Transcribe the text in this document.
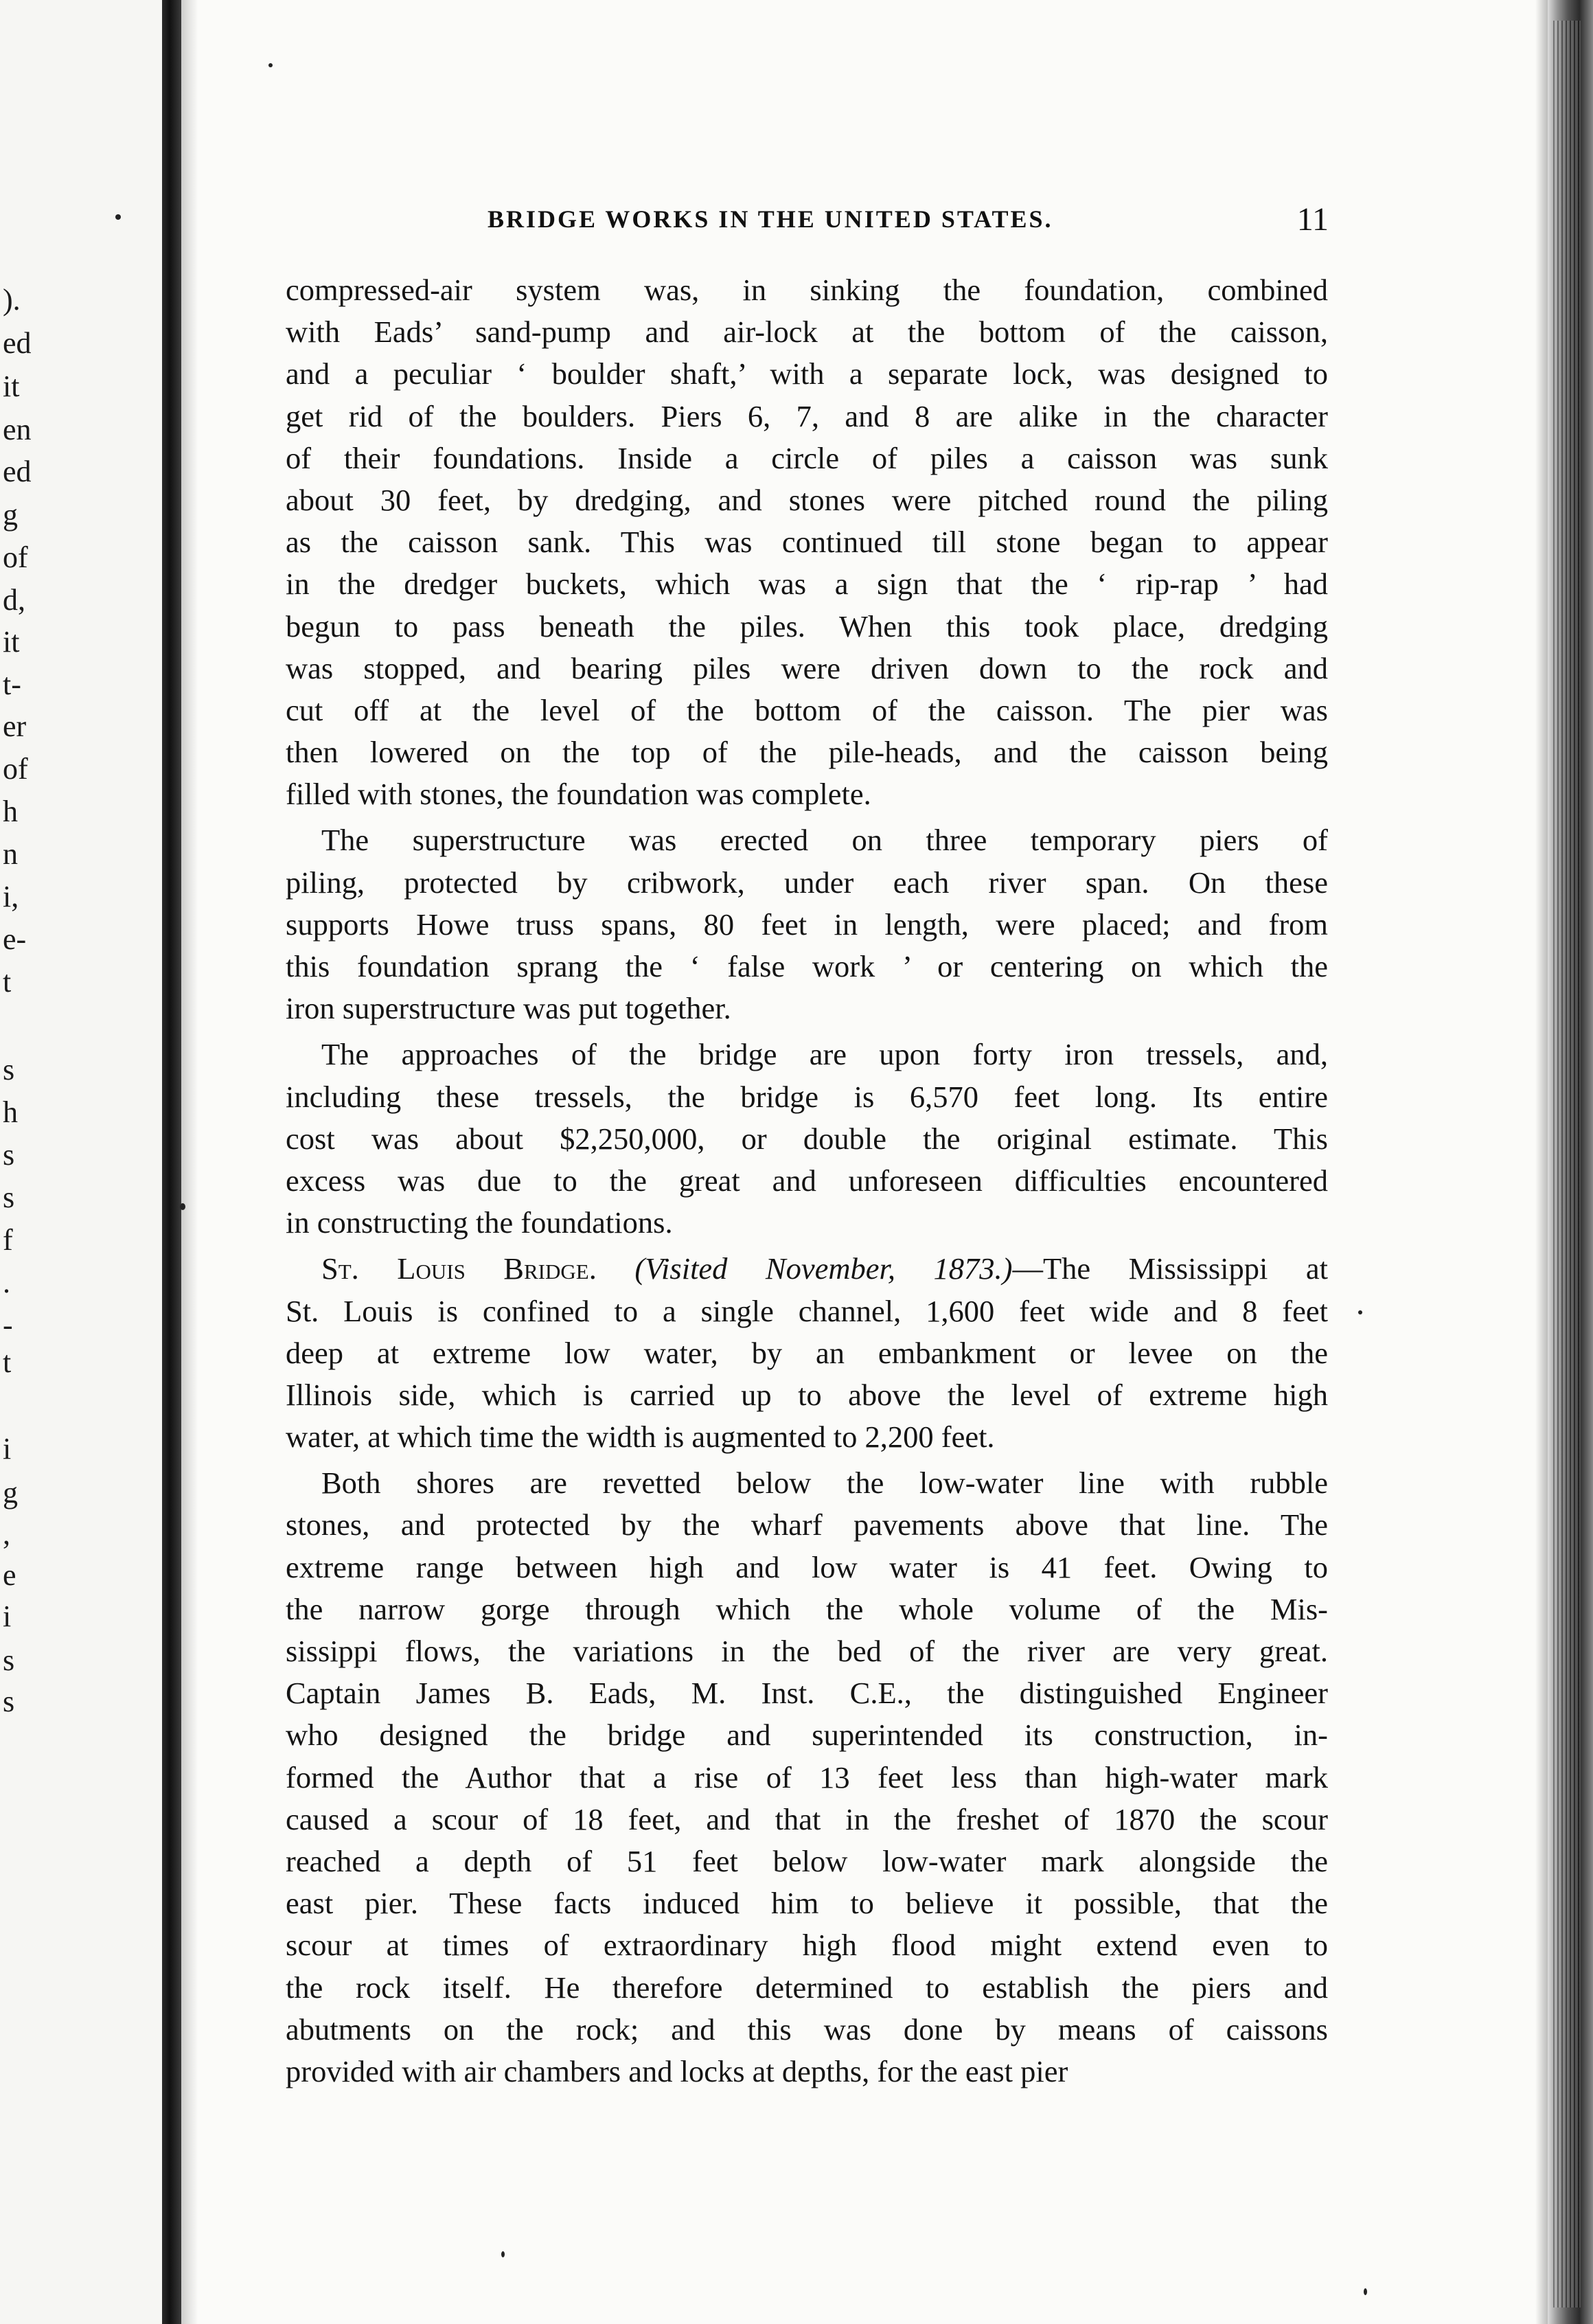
).
ed
it
en
ed
g
of
d,
it
t-
er
of
h
n
i,
e-
t
s
h
s
s
f
.
-
t
i
g
,
e
i
s
s
BRIDGE WORKS IN THE UNITED STATES.	11
compressed-air system was, in sinking the foundation, combined
with Eads’ sand-pump and air-lock at the bottom of the caisson,
and a peculiar ‘ boulder shaft,’ with a separate lock, was designed to
get rid of the boulders. Piers 6, 7, and 8 are alike in the character
of their foundations. Inside a circle of piles a caisson was sunk
about 30 feet, by dredging, and stones were pitched round the piling
as the caisson sank. This was continued till stone began to appear
in the dredger buckets, which was a sign that the ‘ rip-rap ’ had
begun to pass beneath the piles. When this took place, dredging
was stopped, and bearing piles were driven down to the rock and
cut off at the level of the bottom of the caisson. The pier was
then lowered on the top of the pile-heads, and the caisson being
filled with stones, the foundation was complete.
The superstructure was erected on three temporary piers of
piling, protected by cribwork, under each river span. On these
supports Howe truss spans, 80 feet in length, were placed; and from
this foundation sprang the ‘ false work ’ or centering on which the
iron superstructure was put together.
The approaches of the bridge are upon forty iron tressels, and,
including these tressels, the bridge is 6,570 feet long. Its entire
cost was about $2,250,000, or double the original estimate. This
excess was due to the great and unforeseen difficulties encountered
in constructing the foundations.
St. Louis Bridge. (Visited November, 1873.)—The Mississippi at
St. Louis is confined to a single channel, 1,600 feet wide and 8 feet
deep at extreme low water, by an embankment or levee on the
Illinois side, which is carried up to above the level of extreme high
water, at which time the width is augmented to 2,200 feet.
Both shores are revetted below the low-water line with rubble
stones, and protected by the wharf pavements above that line. The
extreme range between high and low water is 41 feet. Owing to
the narrow gorge through which the whole volume of the Mis-
sissippi flows, the variations in the bed of the river are very great.
Captain James B. Eads, M. Inst. C.E., the distinguished Engineer
who designed the bridge and superintended its construction, in-
formed the Author that a rise of 13 feet less than high-water mark
caused a scour of 18 feet, and that in the freshet of 1870 the scour
reached a depth of 51 feet below low-water mark alongside the
east pier. These facts induced him to believe it possible, that the
scour at times of extraordinary high flood might extend even to
the rock itself. He therefore determined to establish the piers and
abutments on the rock; and this was done by means of caissons
provided with air chambers and locks at depths, for the east pier
